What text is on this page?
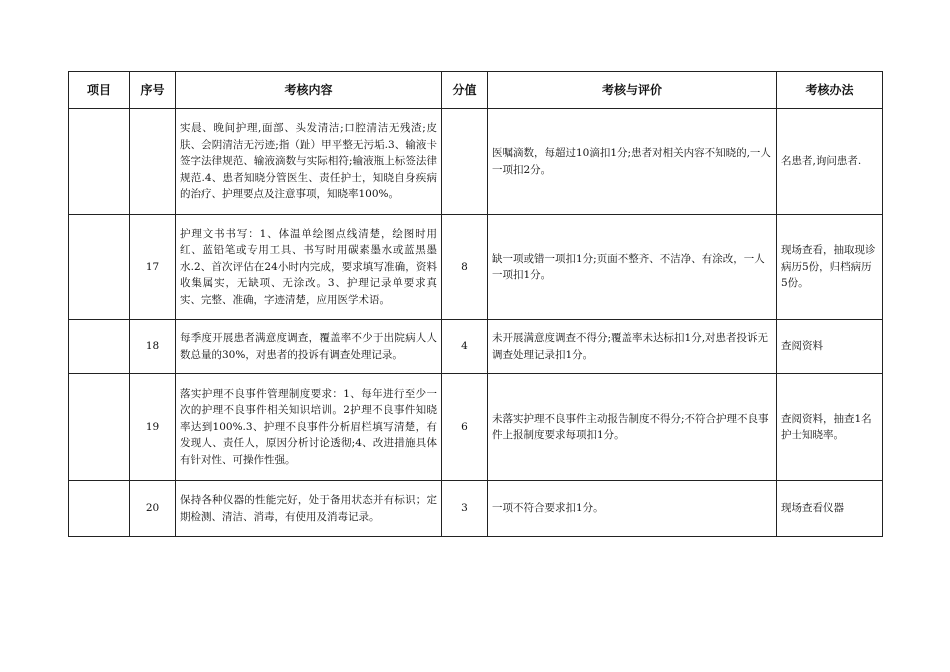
项目	序号	考核内容	分值	考核与评价	考核办法
		实晨、晚间护理,面部、头发清洁;口腔清洁无残渣;皮肤、会阴清洁无污迹;指（趾）甲平整无污垢.3、输液卡签字法律规范、输液滴数与实际相符;输液瓶上标签法律规范.4、患者知晓分管医生、责任护士，知晓自身疾病的治疗、护理要点及注意事项，知晓率100%。		医嘱滴数，每超过10滴扣1分;患者对相关内容不知晓的,一人一项扣2分。	名患者,询问患者.
	17	护理文书书写：1、体温单绘图点线清楚，绘图时用红、蓝铅笔或专用工具、书写时用碳素墨水或蓝黑墨水.2、首次评估在24小时内完成，要求填写准确，资料收集属实，无缺项、无涂改。3、护理记录单要求真实、完整、准确，字迹清楚，应用医学术语。	8	缺一项或错一项扣1分;页面不整齐、不洁净、有涂改，一人一项扣1分。	现场查看，抽取现诊病历5份，归档病历5份。
	18	每季度开展患者满意度调查，覆盖率不少于出院病人人数总量的30%，对患者的投诉有调查处理记录。	4	未开展满意度调查不得分;覆盖率未达标扣1分,对患者投诉无调查处理记录扣1分。	查阅资料
	19	落实护理不良事件管理制度要求：1、每年进行至少一次的护理不良事件相关知识培训。2护理不良事件知晓率达到100%.3、护理不良事件分析眉栏填写清楚，有发现人、责任人，原因分析讨论透彻;4、改进措施具体有针对性、可操作性强。	6	未落实护理不良事件主动报告制度不得分;不符合护理不良事件上报制度要求每项扣1分。	查阅资料，抽查1名护士知晓率。
	20	保持各种仪器的性能完好，处于备用状态并有标识；定期检测、清洁、消毒，有使用及消毒记录。	3	一项不符合要求扣1分。	现场查看仪器
